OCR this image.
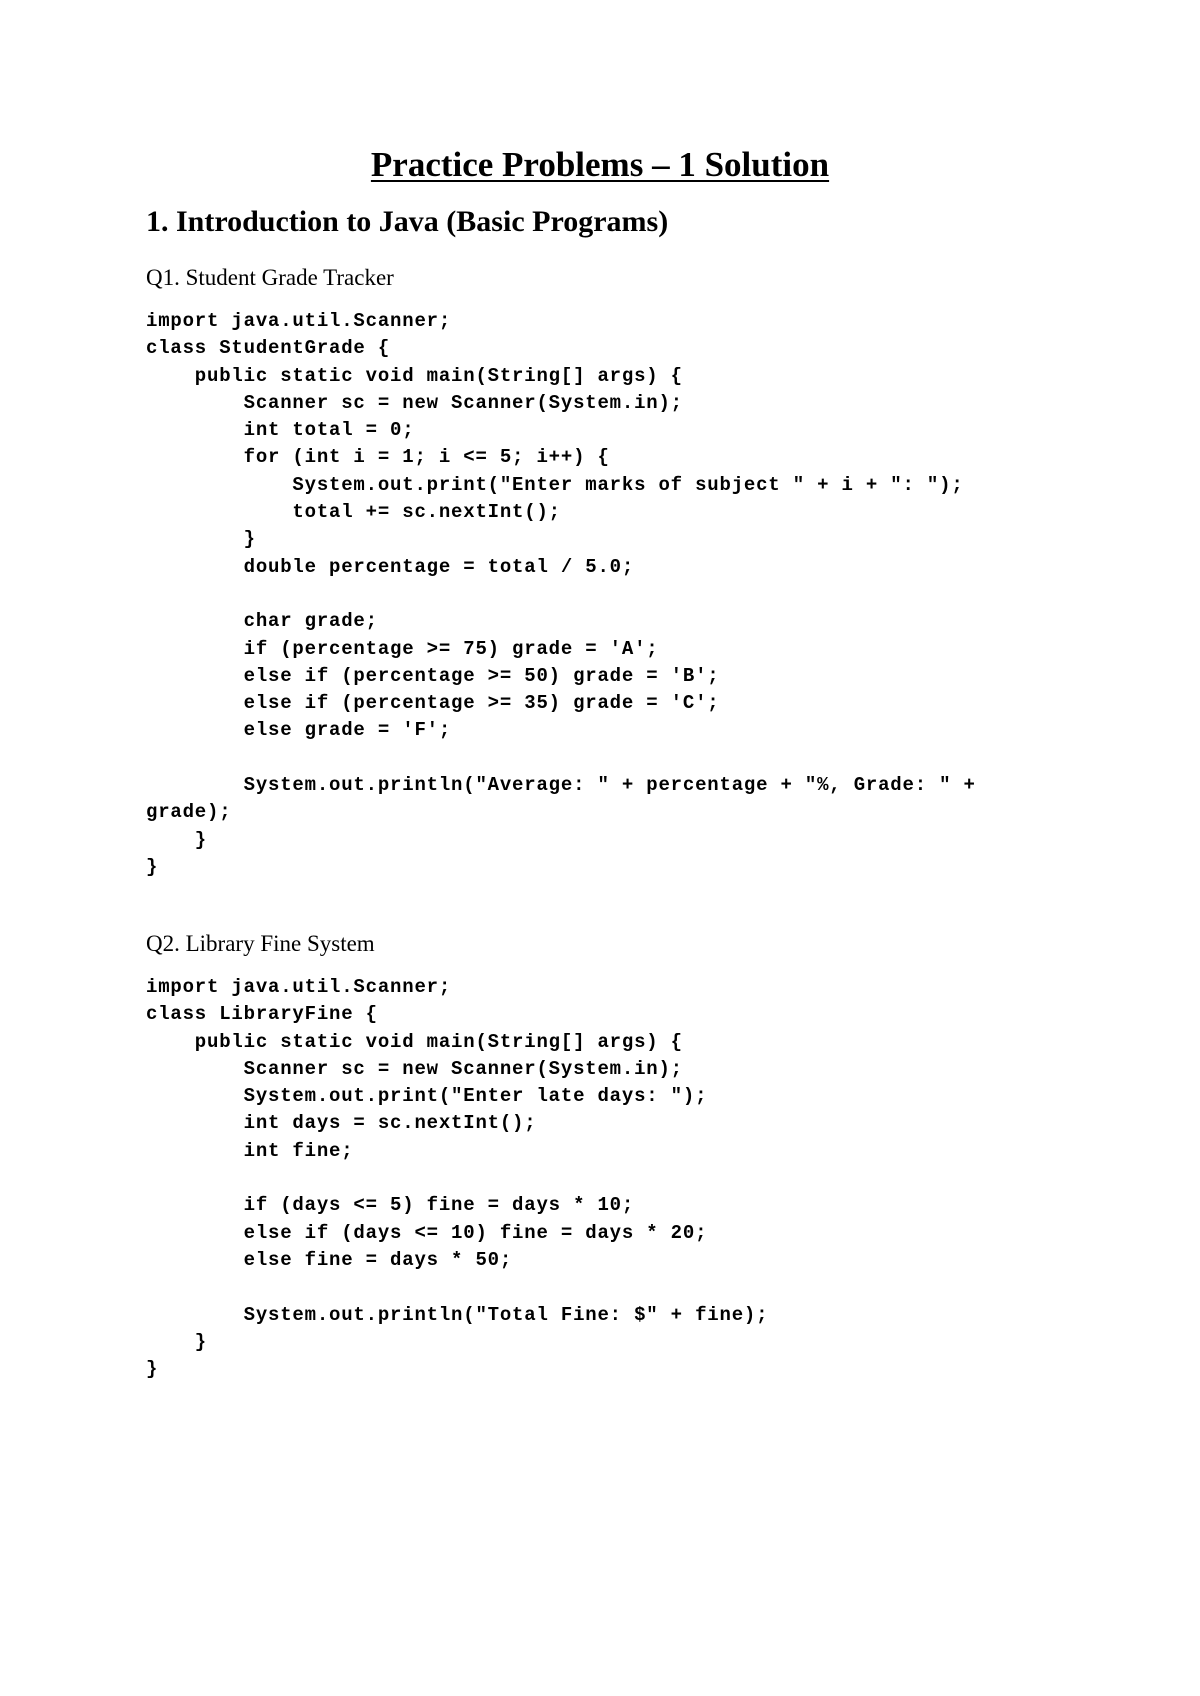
Practice Problems – 1 Solution
1. Introduction to Java (Basic Programs)
Q1. Student Grade Tracker
import java.util.Scanner;
class StudentGrade {
public static void main(String[] args) {
Scanner sc = new Scanner(System.in);
int total = 0;
for (int i = 1; i <= 5; i++) {
System.out.print("Enter marks of subject " + i + ": ");
total += sc.nextInt();
}
double percentage = total / 5.0;

char grade;
if (percentage >= 75) grade = 'A';
else if (percentage >= 50) grade = 'B';
else if (percentage >= 35) grade = 'C';
else grade = 'F';

System.out.println("Average: " + percentage + "%, Grade: " +
grade);
}
}
Q2. Library Fine System
import java.util.Scanner;
class LibraryFine {
public static void main(String[] args) {
Scanner sc = new Scanner(System.in);
System.out.print("Enter late days: ");
int days = sc.nextInt();
int fine;

if (days <= 5) fine = days * 10;
else if (days <= 10) fine = days * 20;
else fine = days * 50;

System.out.println("Total Fine: $" + fine);
}
}
